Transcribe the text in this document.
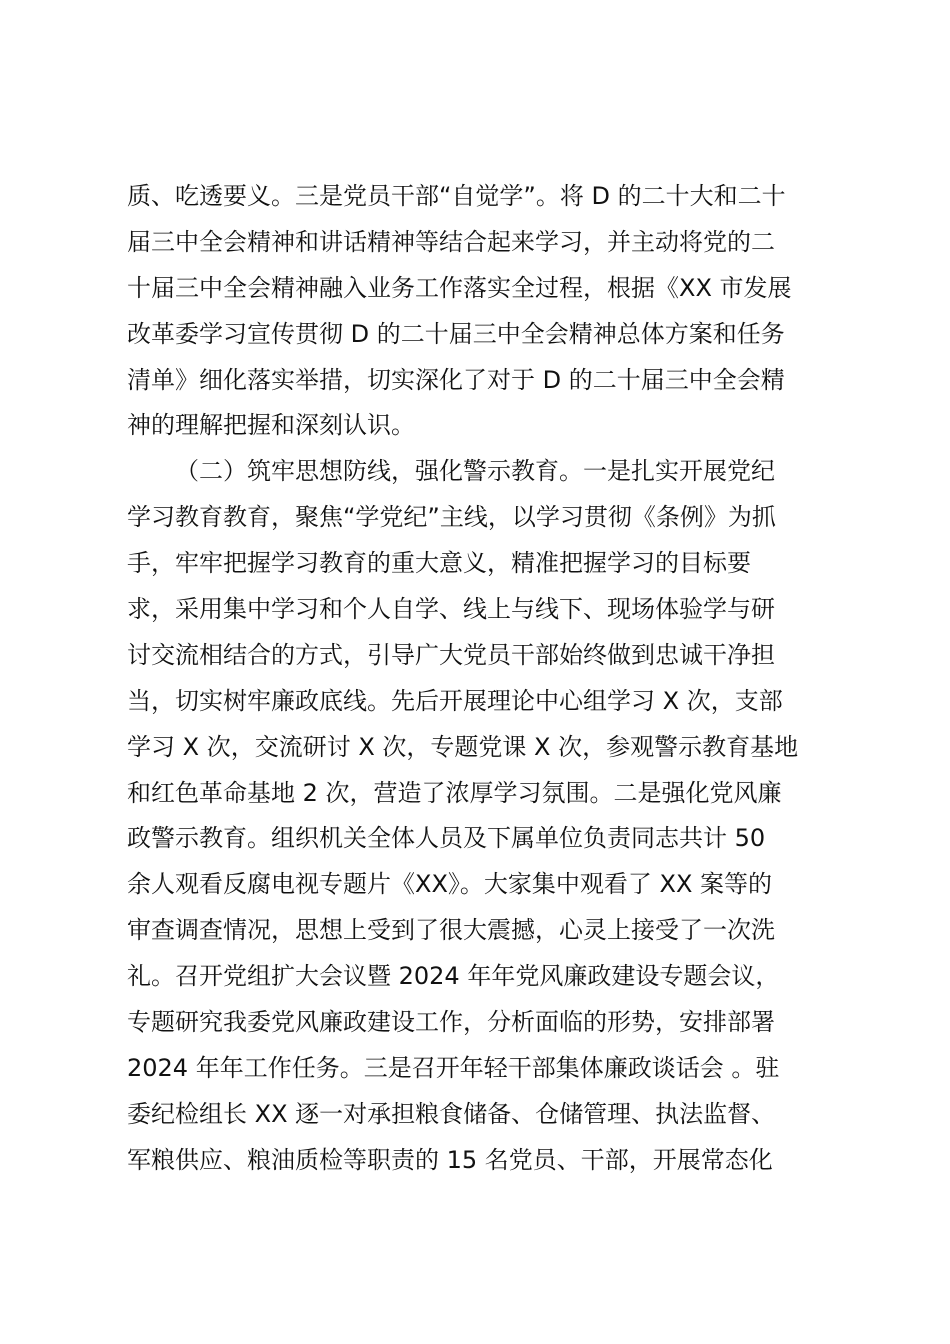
质、吃透要义。三是党员干部“自觉学”。将 D 的二十大和二十
届三中全会精神和讲话精神等结合起来学习，并主动将党的二
十届三中全会精神融入业务工作落实全过程，根据《XX 市发展
改革委学习宣传贯彻 D 的二十届三中全会精神总体方案和任务
清单》细化落实举措，切实深化了对于 D 的二十届三中全会精
神的理解把握和深刻认识。
（二）筑牢思想防线，强化警示教育。一是扎实开展党纪
学习教育教育，聚焦“学党纪”主线，以学习贯彻《条例》为抓
手，牢牢把握学习教育的重大意义，精准把握学习的目标要
求，采用集中学习和个人自学、线上与线下、现场体验学与研
讨交流相结合的方式，引导广大党员干部始终做到忠诚干净担
当，切实树牢廉政底线。先后开展理论中心组学习 X 次，支部
学习 X 次，交流研讨 X 次，专题党课 X 次，参观警示教育基地
和红色革命基地 2 次，营造了浓厚学习氛围。二是强化党风廉
政警示教育。组织机关全体人员及下属单位负责同志共计 50
余人观看反腐电视专题片《XX》。大家集中观看了 XX 案等的
审查调查情况，思想上受到了很大震撼，心灵上接受了一次洗
礼。召开党组扩大会议暨 2024 年年党风廉政建设专题会议，
专题研究我委党风廉政建设工作，分析面临的形势，安排部署
2024 年年工作任务。三是召开年轻干部集体廉政谈话会 。驻
委纪检组长 XX 逐一对承担粮食储备、仓储管理、执法监督、
军粮供应、粮油质检等职责的 15 名党员、干部，开展常态化
